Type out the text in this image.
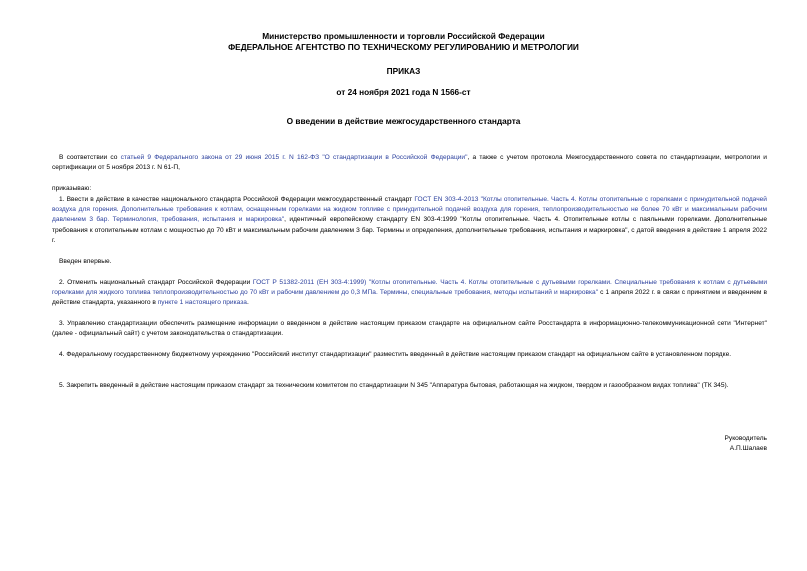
Министерство промышленности и торговли Российской Федерации
ФЕДЕРАЛЬНОЕ АГЕНТСТВО ПО ТЕХНИЧЕСКОМУ РЕГУЛИРОВАНИЮ И МЕТРОЛОГИИ
ПРИКАЗ
от 24 ноября 2021 года N 1566-ст
О введении в действие межгосударственного стандарта
В соответствии со статьей 9 Федерального закона от 29 июня 2015 г. N 162-ФЗ "О стандартизации в Российской Федерации", а также с учетом протокола Межгосударственного совета по стандартизации, метрологии и сертификации от 5 ноября 2013 г. N 61-П,
приказываю:
1. Ввести в действие в качестве национального стандарта Российской Федерации межгосударственный стандарт ГОСТ EN 303-4-2013 "Котлы отопительные. Часть 4. Котлы отопительные с горелками с принудительной подачей воздуха для горения. Дополнительные требования к котлам, оснащенным горелками на жидком топливе с принудительной подачей воздуха для горения, теплопроизводительностью не более 70 кВт и максимальным рабочим давлением 3 бар. Терминология, требования, испытания и маркировка", идентичный европейскому стандарту EN 303-4:1999 "Котлы отопительные. Часть 4. Отопительные котлы с паяльными горелками. Дополнительные требования к отопительным котлам с мощностью до 70 кВт и максимальным рабочим давлением 3 бар. Термины и определения, дополнительные требования, испытания и маркировка", с датой введения в действие 1 апреля 2022 г.
Введен впервые.
2. Отменить национальный стандарт Российской Федерации ГОСТ Р 51382-2011 (ЕН 303-4:1999) "Котлы отопительные. Часть 4. Котлы отопительные с дутьевыми горелками. Специальные требования к котлам с дутьевыми горелками для жидкого топлива теплопроизводительностью до 70 кВт и рабочим давлением до 0,3 МПа. Термины, специальные требования, методы испытаний и маркировка" с 1 апреля 2022 г. в связи с принятием и введением в действие стандарта, указанного в пункте 1 настоящего приказа.
3. Управлению стандартизации обеспечить размещение информации о введенном в действие настоящим приказом стандарте на официальном сайте Росстандарта в информационно-телекоммуникационной сети "Интернет" (далее - официальный сайт) с учетом законодательства о стандартизации.
4. Федеральному государственному бюджетному учреждению "Российский институт стандартизации" разместить введенный в действие настоящим приказом стандарт на официальном сайте в установленном порядке.
5. Закрепить введенный в действие настоящим приказом стандарт за техническим комитетом по стандартизации N 345 "Аппаратура бытовая, работающая на жидком, твердом и газообразном видах топлива" (ТК 345).
Руководитель
А.П.Шалаев
